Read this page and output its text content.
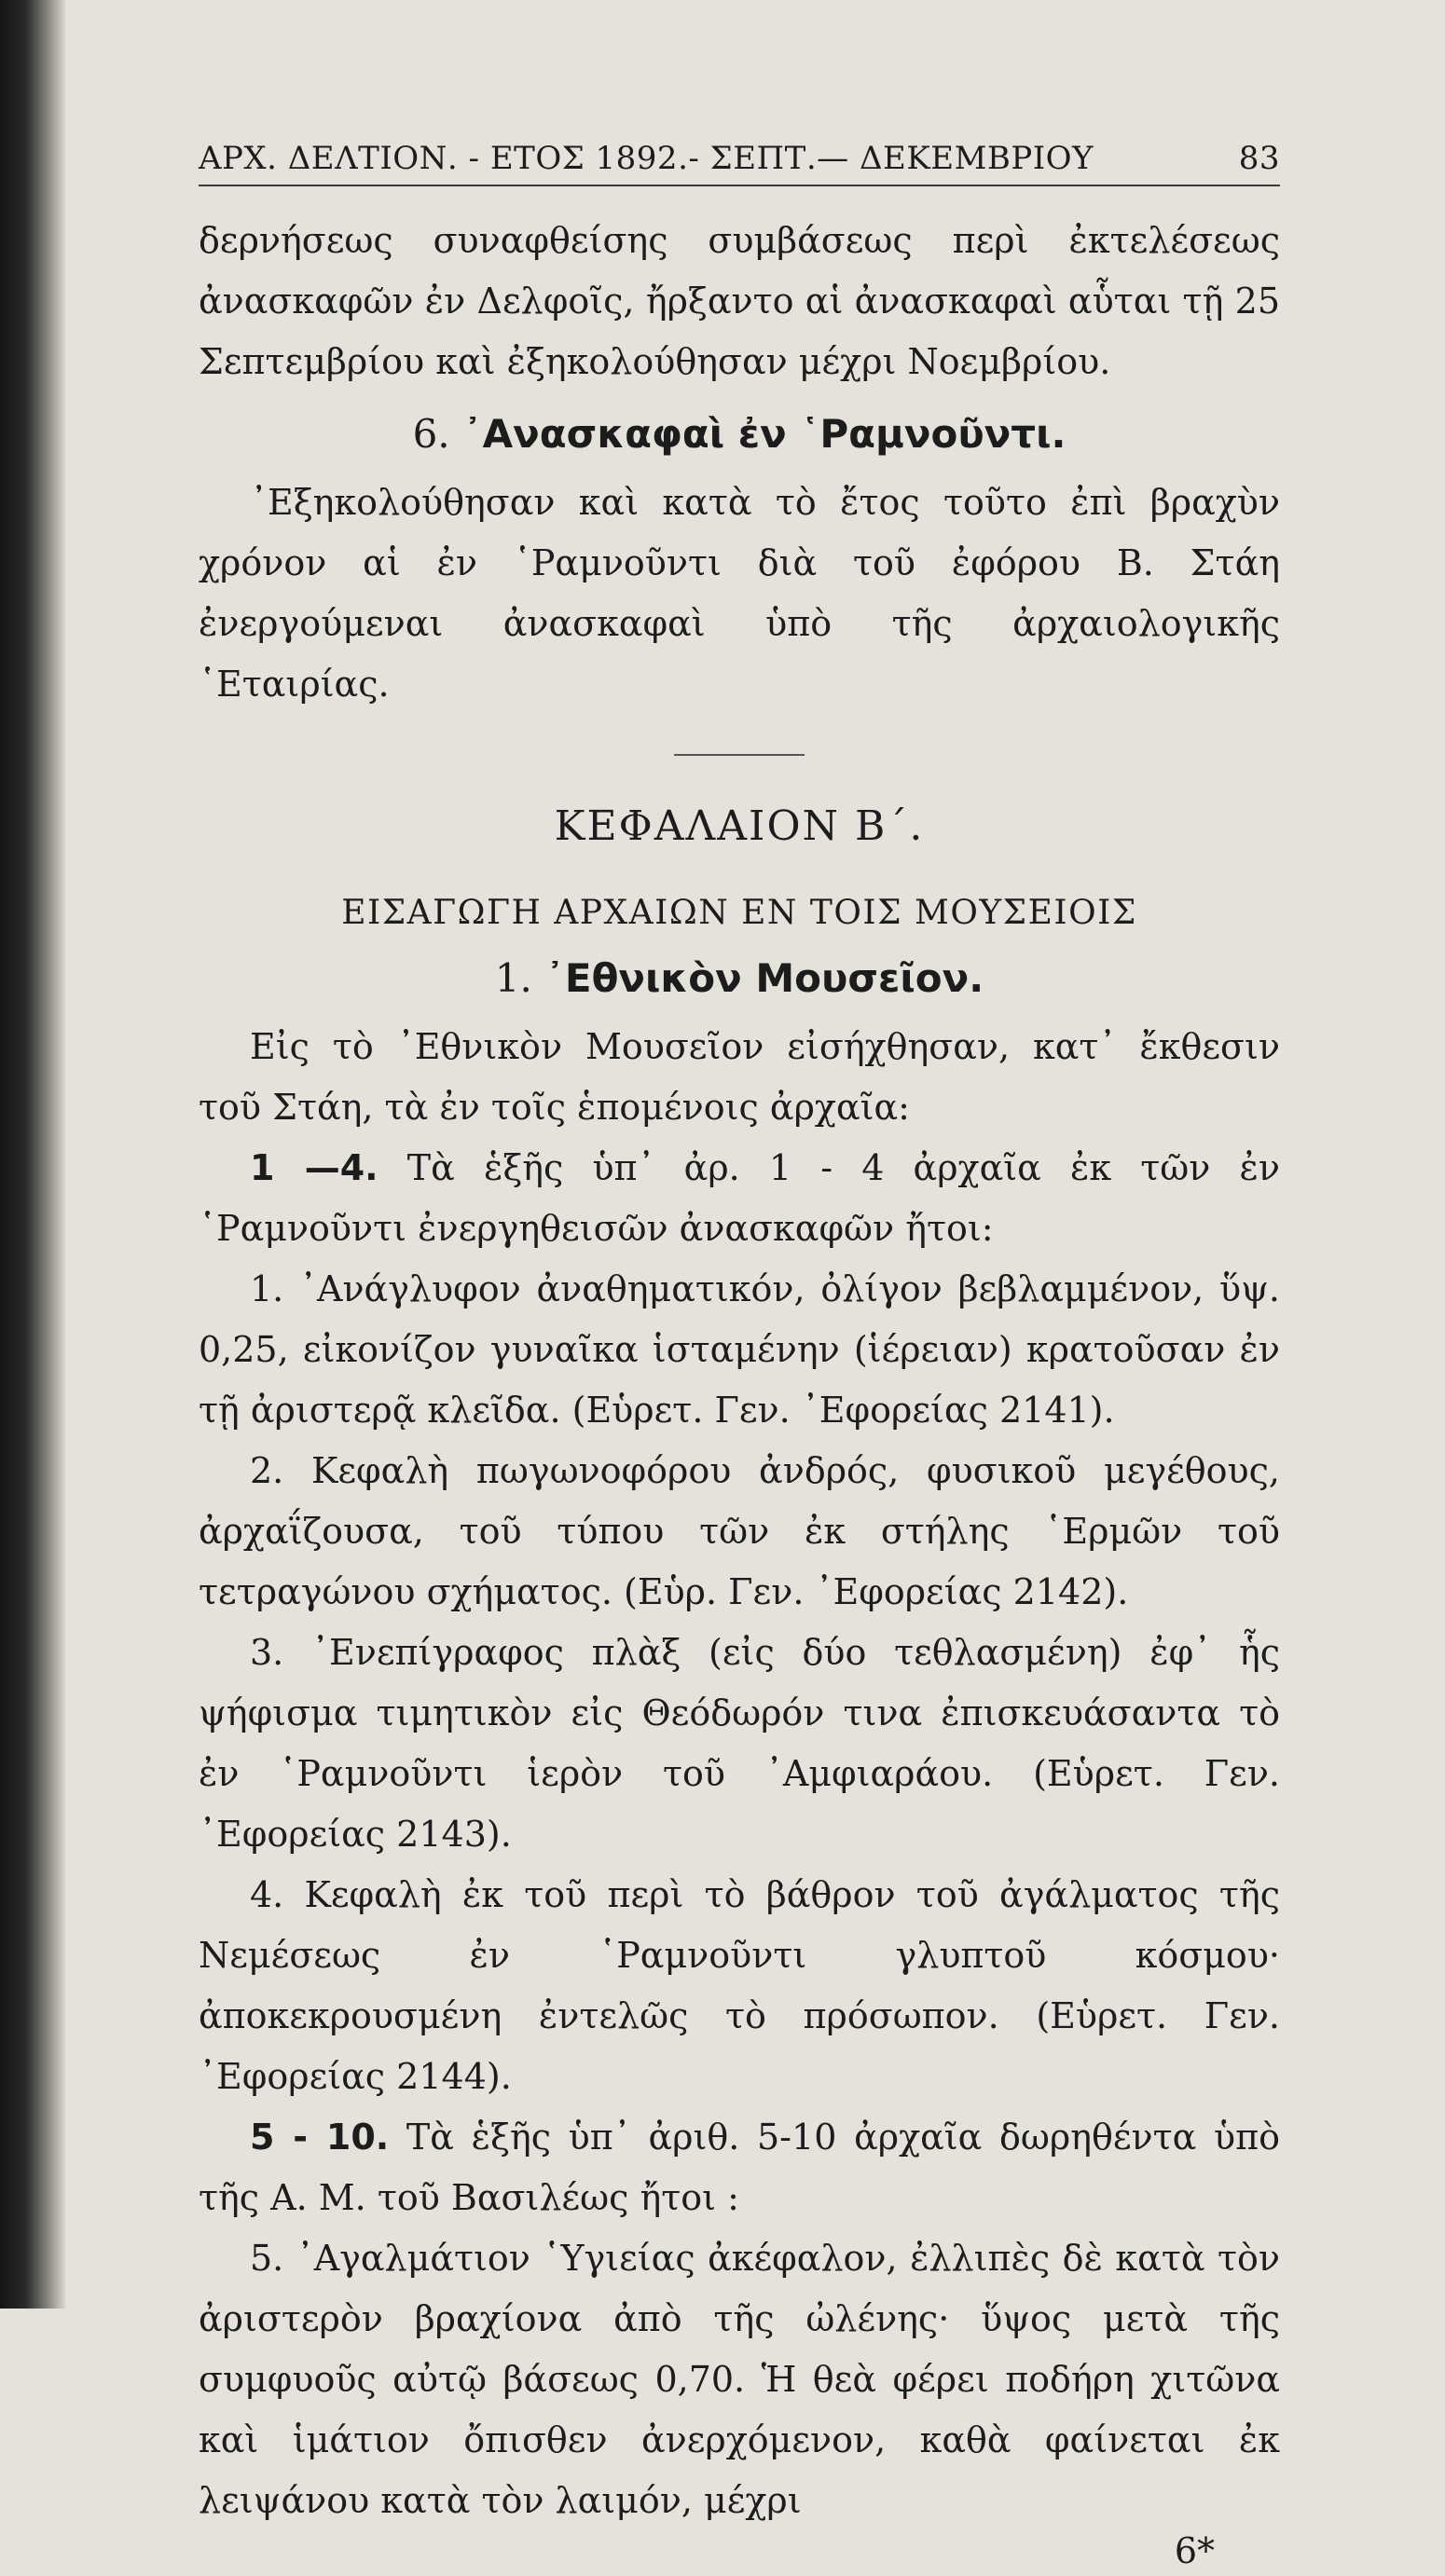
ΑΡΧ. ΔΕΛΤΙΟΝ. - ΕΤΟΣ 1892.- ΣΕΠΤ.— ΔΕΚΕΜΒΡΙΟΥ	83

δερνήσεως συναφθείσης συμβάσεως περὶ ἐκτελέσεως ἀνασκαφῶν ἐν Δελφοῖς, ἤρξαντο αἱ ἀνασκαφαὶ αὗται τῇ 25 Σεπτεμβρίου καὶ ἐξηκολούθησαν μέχρι Νοεμβρίου.

6. ᾿Ανασκαφαὶ ἐν ῾Ραμνοῦντι.

᾿Εξηκολούθησαν καὶ κατὰ τὸ ἔτος τοῦτο ἐπὶ βραχὺν χρόνον αἱ ἐν ῾Ραμνοῦντι διὰ τοῦ ἐφόρου Β. Στάη ἐνεργούμεναι ἀνασκαφαὶ ὑπὸ τῆς ἀρχαιολογικῆς ῾Εταιρίας.

ΚΕΦΑΛΑΙΟΝ Β΄.
ΕΙΣΑΓΩΓΗ ΑΡΧΑΙΩΝ ΕΝ ΤΟΙΣ ΜΟΥΣΕΙΟΙΣ
1. ᾿Εθνικὸν Μουσεῖον.

Εἰς τὸ ᾿Εθνικὸν Μουσεῖον εἰσήχθησαν, κατ᾿ ἔκθεσιν τοῦ Στάη, τὰ ἐν τοῖς ἑπομένοις ἀρχαῖα:

1 —4. Τὰ ἑξῆς ὑπ᾿ ἀρ. 1 - 4 ἀρχαῖα ἐκ τῶν ἐν ῾Ραμνοῦντι ἐνεργηθεισῶν ἀνασκαφῶν ἤτοι:

1. ᾿Ανάγλυφον ἀναθηματικόν, ὀλίγον βεβλαμμένον, ὕψ. 0,25, εἰκονίζον γυναῖκα ἱσταμένην (ἱέρειαν) κρατοῦσαν ἐν τῇ ἀριστερᾷ κλεῖδα. (Εὑρετ. Γεν. ᾿Εφορείας 2141).

2. Κεφαλὴ πωγωνοφόρου ἀνδρός, φυσικοῦ μεγέθους, ἀρχαΐζουσα, τοῦ τύπου τῶν ἐκ στήλης ῾Ερμῶν τοῦ τετραγώνου σχήματος. (Εὑρ. Γεν. ᾿Εφορείας 2142).

3. ᾿Ενεπίγραφος πλὰξ (εἰς δύο τεθλασμένη) ἐφ᾿ ἧς ψήφισμα τιμητικὸν εἰς Θεόδωρόν τινα ἐπισκευάσαντα τὸ ἐν ῾Ραμνοῦντι ἱερὸν τοῦ ᾿Αμφιαράου. (Εὑρετ. Γεν. ᾿Εφορείας 2143).

4. Κεφαλὴ ἐκ τοῦ περὶ τὸ βάθρον τοῦ ἀγάλματος τῆς Νεμέσεως ἐν ῾Ραμνοῦντι γλυπτοῦ κόσμου· ἀποκεκρουσμένη ἐντελῶς τὸ πρόσωπον. (Εὑρετ. Γεν. ᾿Εφορείας 2144).

5 - 10. Τὰ ἑξῆς ὑπ᾿ ἀριθ. 5-10 ἀρχαῖα δωρηθέντα ὑπὸ τῆς Α. Μ. τοῦ Βασιλέως ἤτοι :

5. ᾿Αγαλμάτιον ῾Υγιείας ἀκέφαλον, ἐλλιπὲς δὲ κατὰ τὸν ἀριστερὸν βραχίονα ἀπὸ τῆς ὠλένης· ὕψος μετὰ τῆς συμφυοῦς αὐτῷ βάσεως 0,70. Ἡ θεὰ φέρει ποδήρη χιτῶνα καὶ ἱμάτιον ὄπισθεν ἀνερχόμενον, καθὰ φαίνεται ἐκ λειψάνου κατὰ τὸν λαιμόν, μέχρι

6*
